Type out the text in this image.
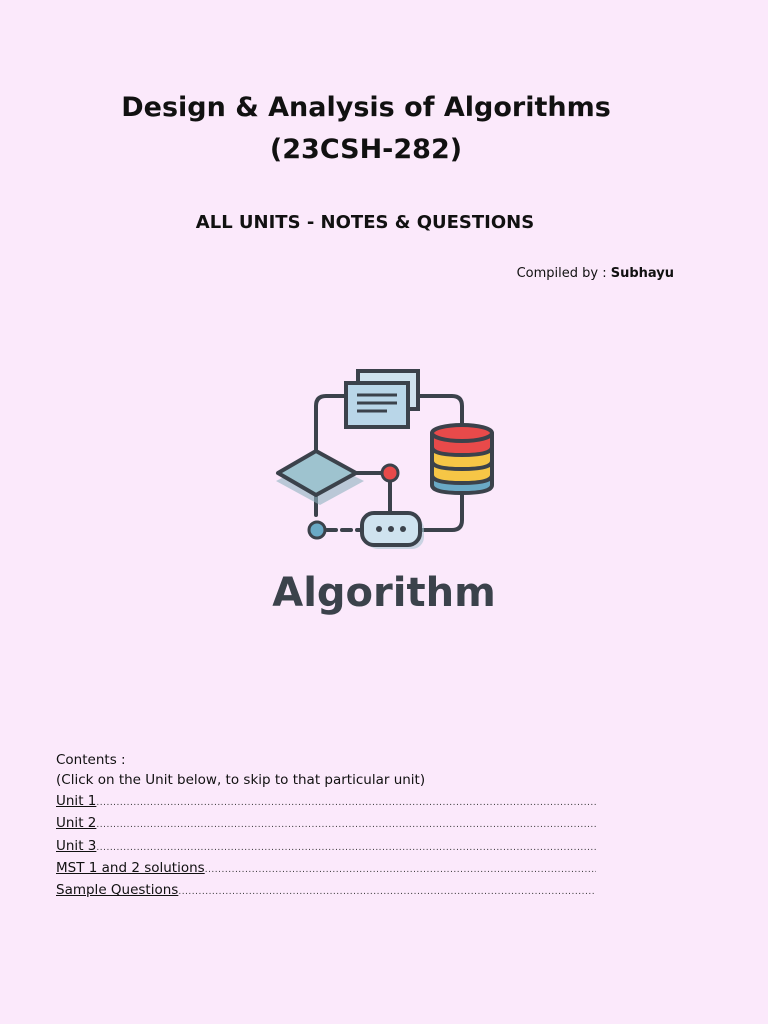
Design & Analysis of Algorithms
(23CSH-282)
ALL UNITS - NOTES & QUESTIONS
Compiled by : Subhayu
Algorithm
Contents :
(Click on the Unit below, to skip to that particular unit)
Unit 1
.....
Unit 2
.....
Unit 3
.....
MST 1 and 2 solutions
.....
Sample Questions
.....
